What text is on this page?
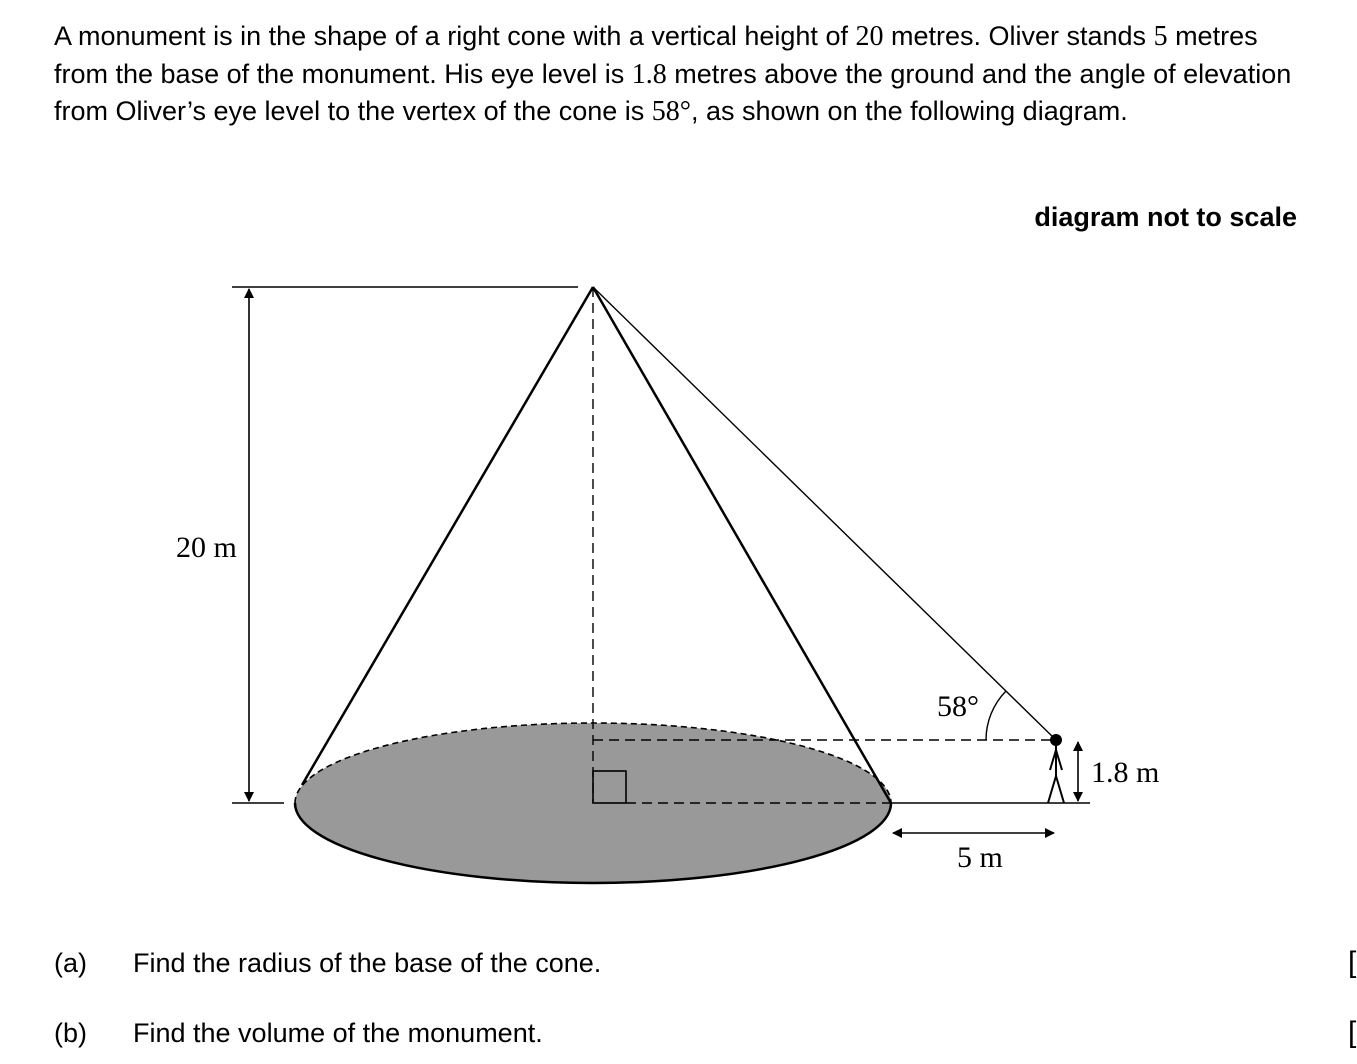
A monument is in the shape of a right cone with a vertical height of 20 metres. Oliver stands 5 metres from the base of the monument. His eye level is 1.8 metres above the ground and the angle of elevation from Oliver’s eye level to the vertex of the cone is 58°, as shown on the following diagram.
diagram not to scale
20 m
58°
1.8 m
5 m
(a) Find the radius of the base of the cone.	[
(b) Find the volume of the monument.	[
